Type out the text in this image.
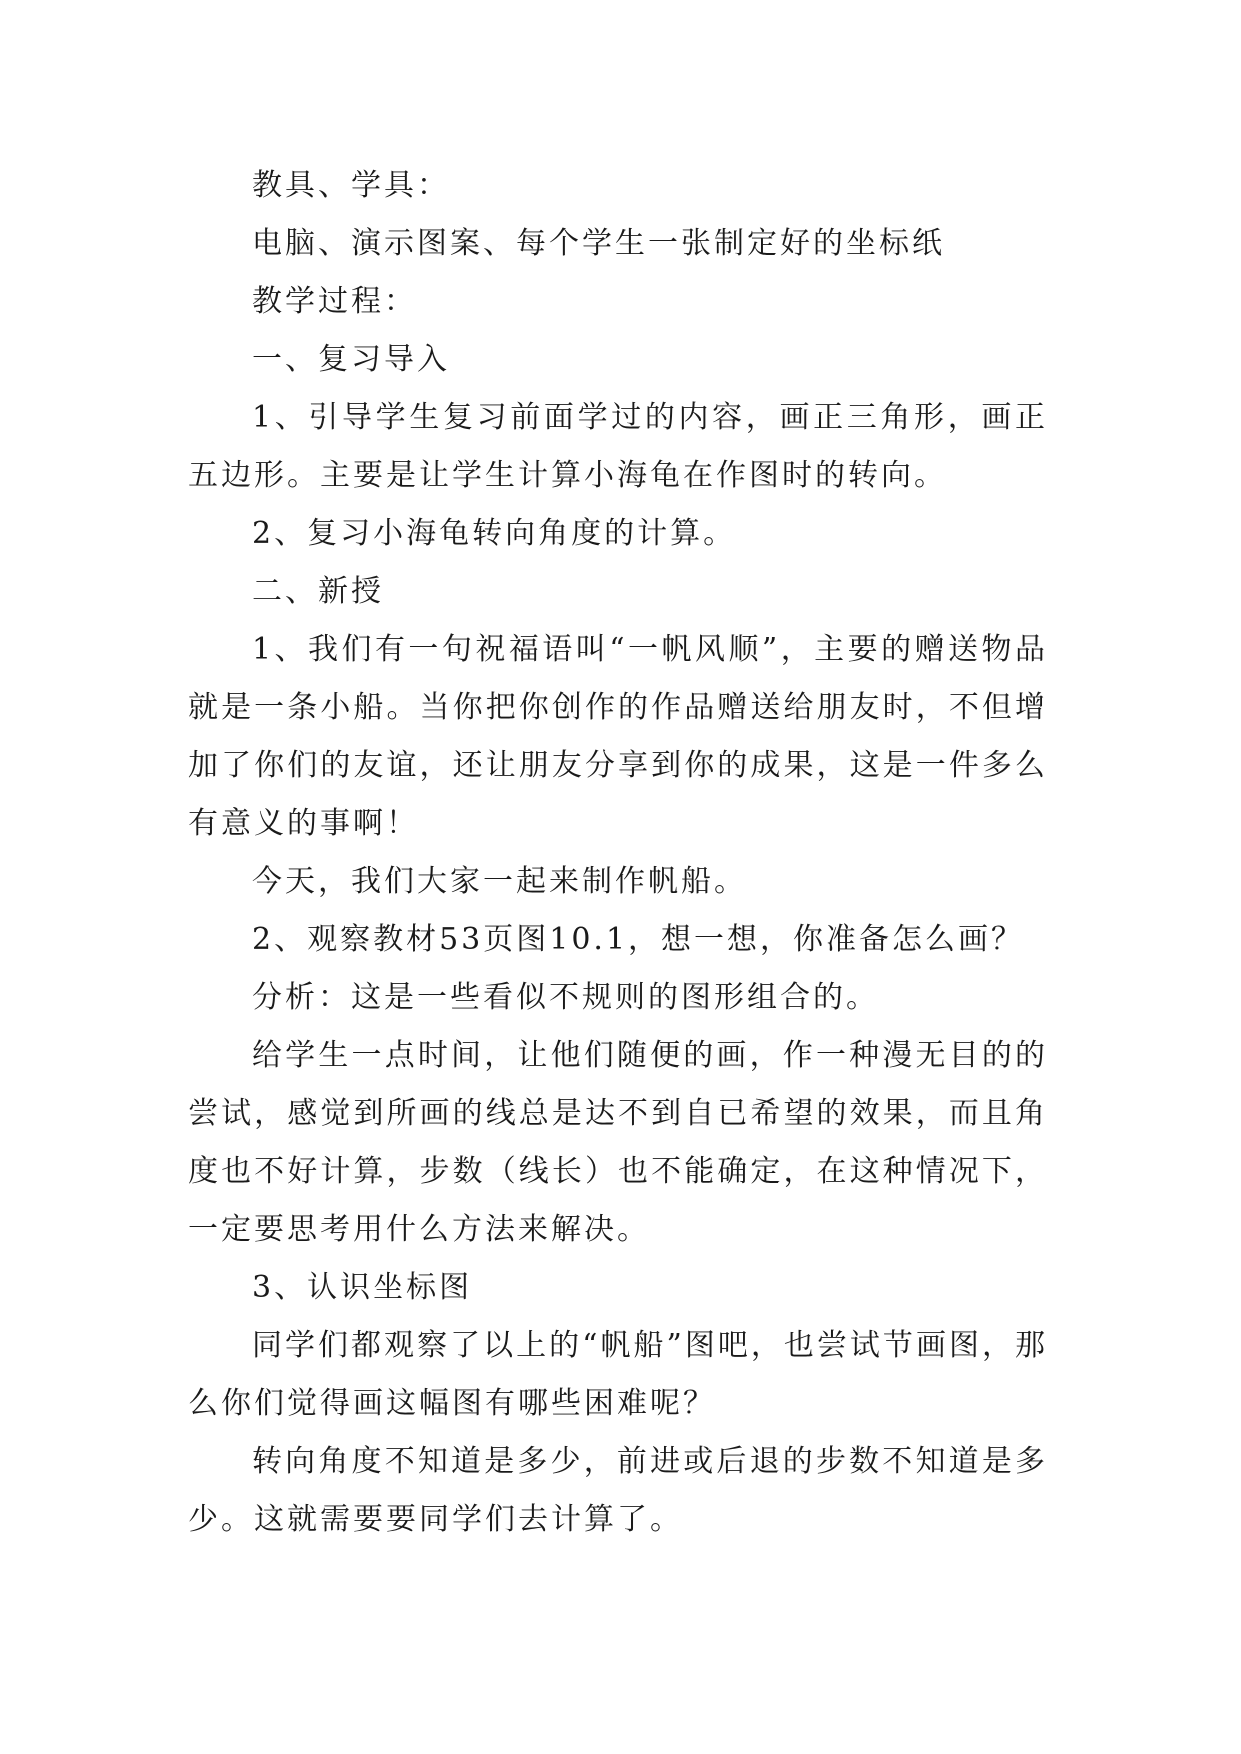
教具、学具：

电脑、演示图案、每个学生一张制定好的坐标纸

教学过程：

一、复习导入

1、引导学生复习前面学过的内容，画正三角形，画正五边形。主要是让学生计算小海龟在作图时的转向。

2、复习小海龟转向角度的计算。

二、新授

1、我们有一句祝福语叫“一帆风顺”，主要的赠送物品就是一条小船。当你把你创作的作品赠送给朋友时，不但增加了你们的友谊，还让朋友分享到你的成果，这是一件多么有意义的事啊！

今天，我们大家一起来制作帆船。

2、观察教材53页图10.1，想一想，你准备怎么画？

分析：这是一些看似不规则的图形组合的。

给学生一点时间，让他们随便的画，作一种漫无目的的尝试，感觉到所画的线总是达不到自已希望的效果，而且角度也不好计算，步数（线长）也不能确定，在这种情况下，一定要思考用什么方法来解决。

3、认识坐标图

同学们都观察了以上的“帆船”图吧，也尝试节画图，那么你们觉得画这幅图有哪些困难呢？

转向角度不知道是多少，前进或后退的步数不知道是多少。这就需要要同学们去计算了。
